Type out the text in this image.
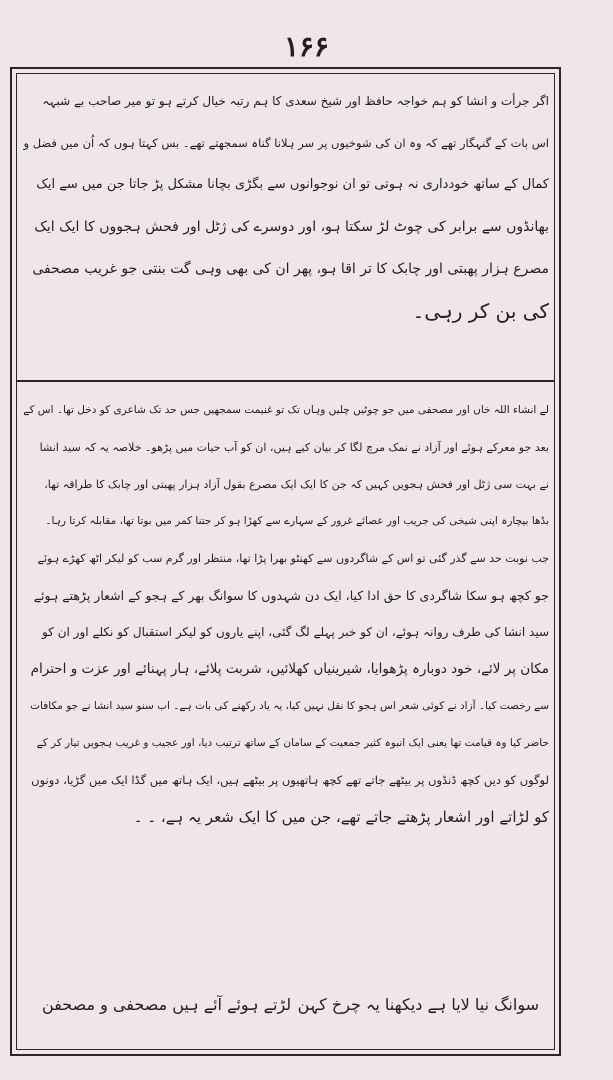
۱۶۶
اگر جرأت و انشا کو ہم خواجہ حافظ اور شیخ سعدی کا ہم رتبہ خیال کرتے ہو تو میر صاحب بے شبہہ
اس بات کے گنہگار تھے کہ وہ ان کی شوخیوں پر سر ہلانا گناہ سمجھتے تھے۔ بس کہتا ہوں کہ اُن میں فضل و
کمال کے ساتھ خودداری نہ ہوتی تو ان نوجوانوں سے بگڑی بچانا مشکل پڑ جاتا جن میں سے ایک
بھانڈوں سے برابر کی چوٹ لڑ سکتا ہو، اور دوسرے کی ژٹل اور فحش ہجووں کا ایک ایک
مصرع ہزار پھبتی اور چابک کا تر اقا ہو، پھر ان کی بھی وہی گت بنتی جو غریب مصحفی
کی بن کر رہی۔
لے انشاء اللہ خاں اور مصحفی میں جو چوٹیں چلیں وہاں تک تو غنیمت سمجھیں جس حد تک شاعری کو دخل تھا۔ اس کے
بعد جو معرکے ہوئے اور آزاد نے نمک مرچ لگا کر بیان کیے ہیں، ان کو آب حیات میں پڑھو۔ خلاصہ یہ کہ سید انشا
نے بہت سی ژٹل اور فحش ہجویں کہیں کہ جن کا ایک ایک مصرع بقول آزاد ہزار پھبتی اور چابک کا طراقہ تھا،
بڈھا بیچارہ اپنی شیخی کی جریب اور عصائے غرور کے سہارے سے کھڑا ہو کر جتنا کمر میں بوتا تھا، مقابلہ کرتا رہا۔
جب نوبت حد سے گذر گئی تو اس کے شاگردوں سے کھنٹو بھرا پڑا تھا، منتظر اور گرم سب کو لیکر اٹھ کھڑے ہوئے
جو کچھ ہو سکا شاگردی کا حق ادا کیا، ایک دن شہدوں کا سوانگ بھر کے ہجو کے اشعار پڑھتے ہوئے
سید انشا کی طرف روانہ ہوئے، ان کو خبر پہلے لگ گئی، اپنے یاروں کو لیکر استقبال کو نکلے اور ان کو
مکان پر لائے، خود دوبارہ پڑھوایا، شیرینیاں کھلائیں، شربت پلائے، ہار پہنائے اور عزت و احترام
سے رخصت کیا۔ آزاد نے کوئی شعر اس ہجو کا نقل نہیں کیا، یہ یاد رکھنے کی بات ہے۔ اب سنو سید انشا نے جو مکافات
حاضر کیا وہ قیامت تھا یعنی ایک انبوہ کثیر جمعیت کے سامان کے ساتھ ترتیب دیا، اور عجیب و غریب ہجویں تیار کر کے
لوگوں کو دیں کچھ ڈنڈوں پر بیٹھے جاتے تھے کچھ ہاتھیوں پر بیٹھے ہیں، ایک ہاتھ میں گڈا ایک میں گڑیا، دونوں
کو لڑاتے اور اشعار پڑھتے جاتے تھے، جن میں کا ایک شعر یہ ہے، ۔ ۔
سوانگ نیا لایا ہے دیکھنا یہ چرخ کہن
لڑتے ہوئے آئے ہیں مصحفی و مصحفن
